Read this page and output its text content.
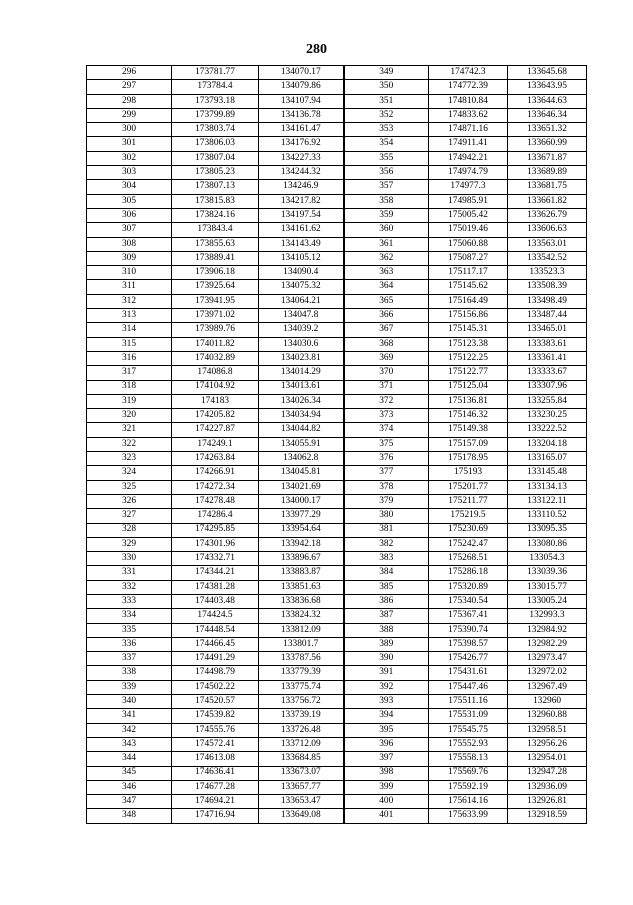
280
296	173781.77	134070.17	349	174742.3	133645.68
297	173784.4	134079.86	350	174772.39	133643.95
298	173793.18	134107.94	351	174810.84	133644.63
299	173799.89	134136.78	352	174833.62	133646.34
300	173803.74	134161.47	353	174871.16	133651.32
301	173806.03	134176.92	354	174911.41	133660.99
302	173807.04	134227.33	355	174942.21	133671.87
303	173805.23	134244.32	356	174974.79	133689.89
304	173807.13	134246.9	357	174977.3	133681.75
305	173815.83	134217.82	358	174985.91	133661.82
306	173824.16	134197.54	359	175005.42	133626.79
307	173843.4	134161.62	360	175019.46	133606.63
308	173855.63	134143.49	361	175060.88	133563.01
309	173889.41	134105.12	362	175087.27	133542.52
310	173906.18	134090.4	363	175117.17	133523.3
311	173925.64	134075.32	364	175145.62	133508.39
312	173941.95	134064.21	365	175164.49	133498.49
313	173971.02	134047.8	366	175156.86	133487.44
314	173989.76	134039.2	367	175145.31	133465.01
315	174011.82	134030.6	368	175123.38	133383.61
316	174032.89	134023.81	369	175122.25	133361.41
317	174086.8	134014.29	370	175122.77	133333.67
318	174104.92	134013.61	371	175125.04	133307.96
319	174183	134026.34	372	175136.81	133255.84
320	174205.82	134034.94	373	175146.32	133230.25
321	174227.87	134044.82	374	175149.38	133222.52
322	174249.1	134055.91	375	175157.09	133204.18
323	174263.84	134062.8	376	175178.95	133165.07
324	174266.91	134045.81	377	175193	133145.48
325	174272.34	134021.69	378	175201.77	133134.13
326	174278.48	134000.17	379	175211.77	133122.11
327	174286.4	133977.29	380	175219.5	133110.52
328	174295.85	133954.64	381	175230.69	133095.35
329	174301.96	133942.18	382	175242.47	133080.86
330	174332.71	133896.67	383	175268.51	133054.3
331	174344.21	133883.87	384	175286.18	133039.36
332	174381.28	133851.63	385	175320.89	133015.77
333	174403.48	133836.68	386	175340.54	133005.24
334	174424.5	133824.32	387	175367.41	132993.3
335	174448.54	133812.09	388	175390.74	132984.92
336	174466.45	133801.7	389	175398.57	132982.29
337	174491.29	133787.56	390	175426.77	132973.47
338	174498.79	133779.39	391	175431.61	132972.02
339	174502.22	133775.74	392	175447.46	132967.49
340	174520.57	133756.72	393	175511.16	132960
341	174539.82	133739.19	394	175531.09	132960.88
342	174555.76	133726.48	395	175545.75	132958.51
343	174572.41	133712.09	396	175552.93	132956.26
344	174613.08	133684.85	397	175558.13	132954.01
345	174636.41	133673.07	398	175569.76	132947.28
346	174677.28	133657.77	399	175592.19	132936.09
347	174694.21	133653.47	400	175614.16	132926.81
348	174716.94	133649.08	401	175633.99	132918.59
